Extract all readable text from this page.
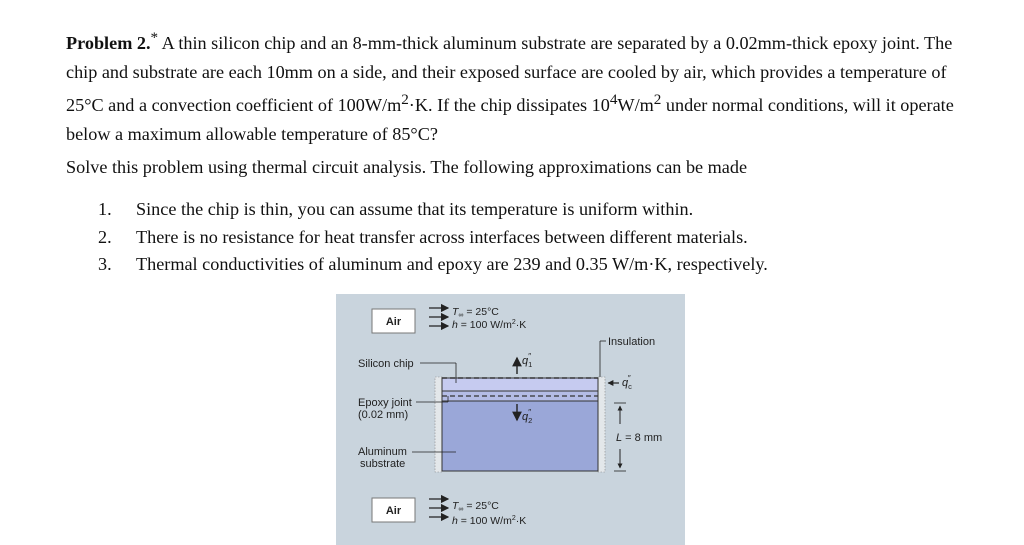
Problem 2.* A thin silicon chip and an 8-mm-thick aluminum substrate are separated by a 0.02mm-thick epoxy joint. The chip and substrate are each 10mm on a side, and their exposed surface are cooled by air, which provides a temperature of 25°C and a convection coefficient of $100W/m^2\cdot K$. If the chip dissipates $10^4W/m^2$ under normal conditions, will it operate below a maximum allowable temperature of 85°C?

Solve this problem using thermal circuit analysis. The following approximations can be made

1. Since the chip is thin, you can assume that its temperature is uniform within.
2. There is no resistance for heat transfer across interfaces between different materials.
3. Thermal conductivities of aluminum and epoxy are 239 and 0.35 W/m·K, respectively.
Air
T∞ = 25°C
h = 100 $W/m^2\cdot K$
Insulation
$q_1''$
$q_2''$
$q_c''$
L = 8 mm
Silicon chip
Epoxy joint
(0.02 mm)
Aluminum
substrate
Air	T∞ = 25°C
h = 100 $W/m^2\cdot K$
